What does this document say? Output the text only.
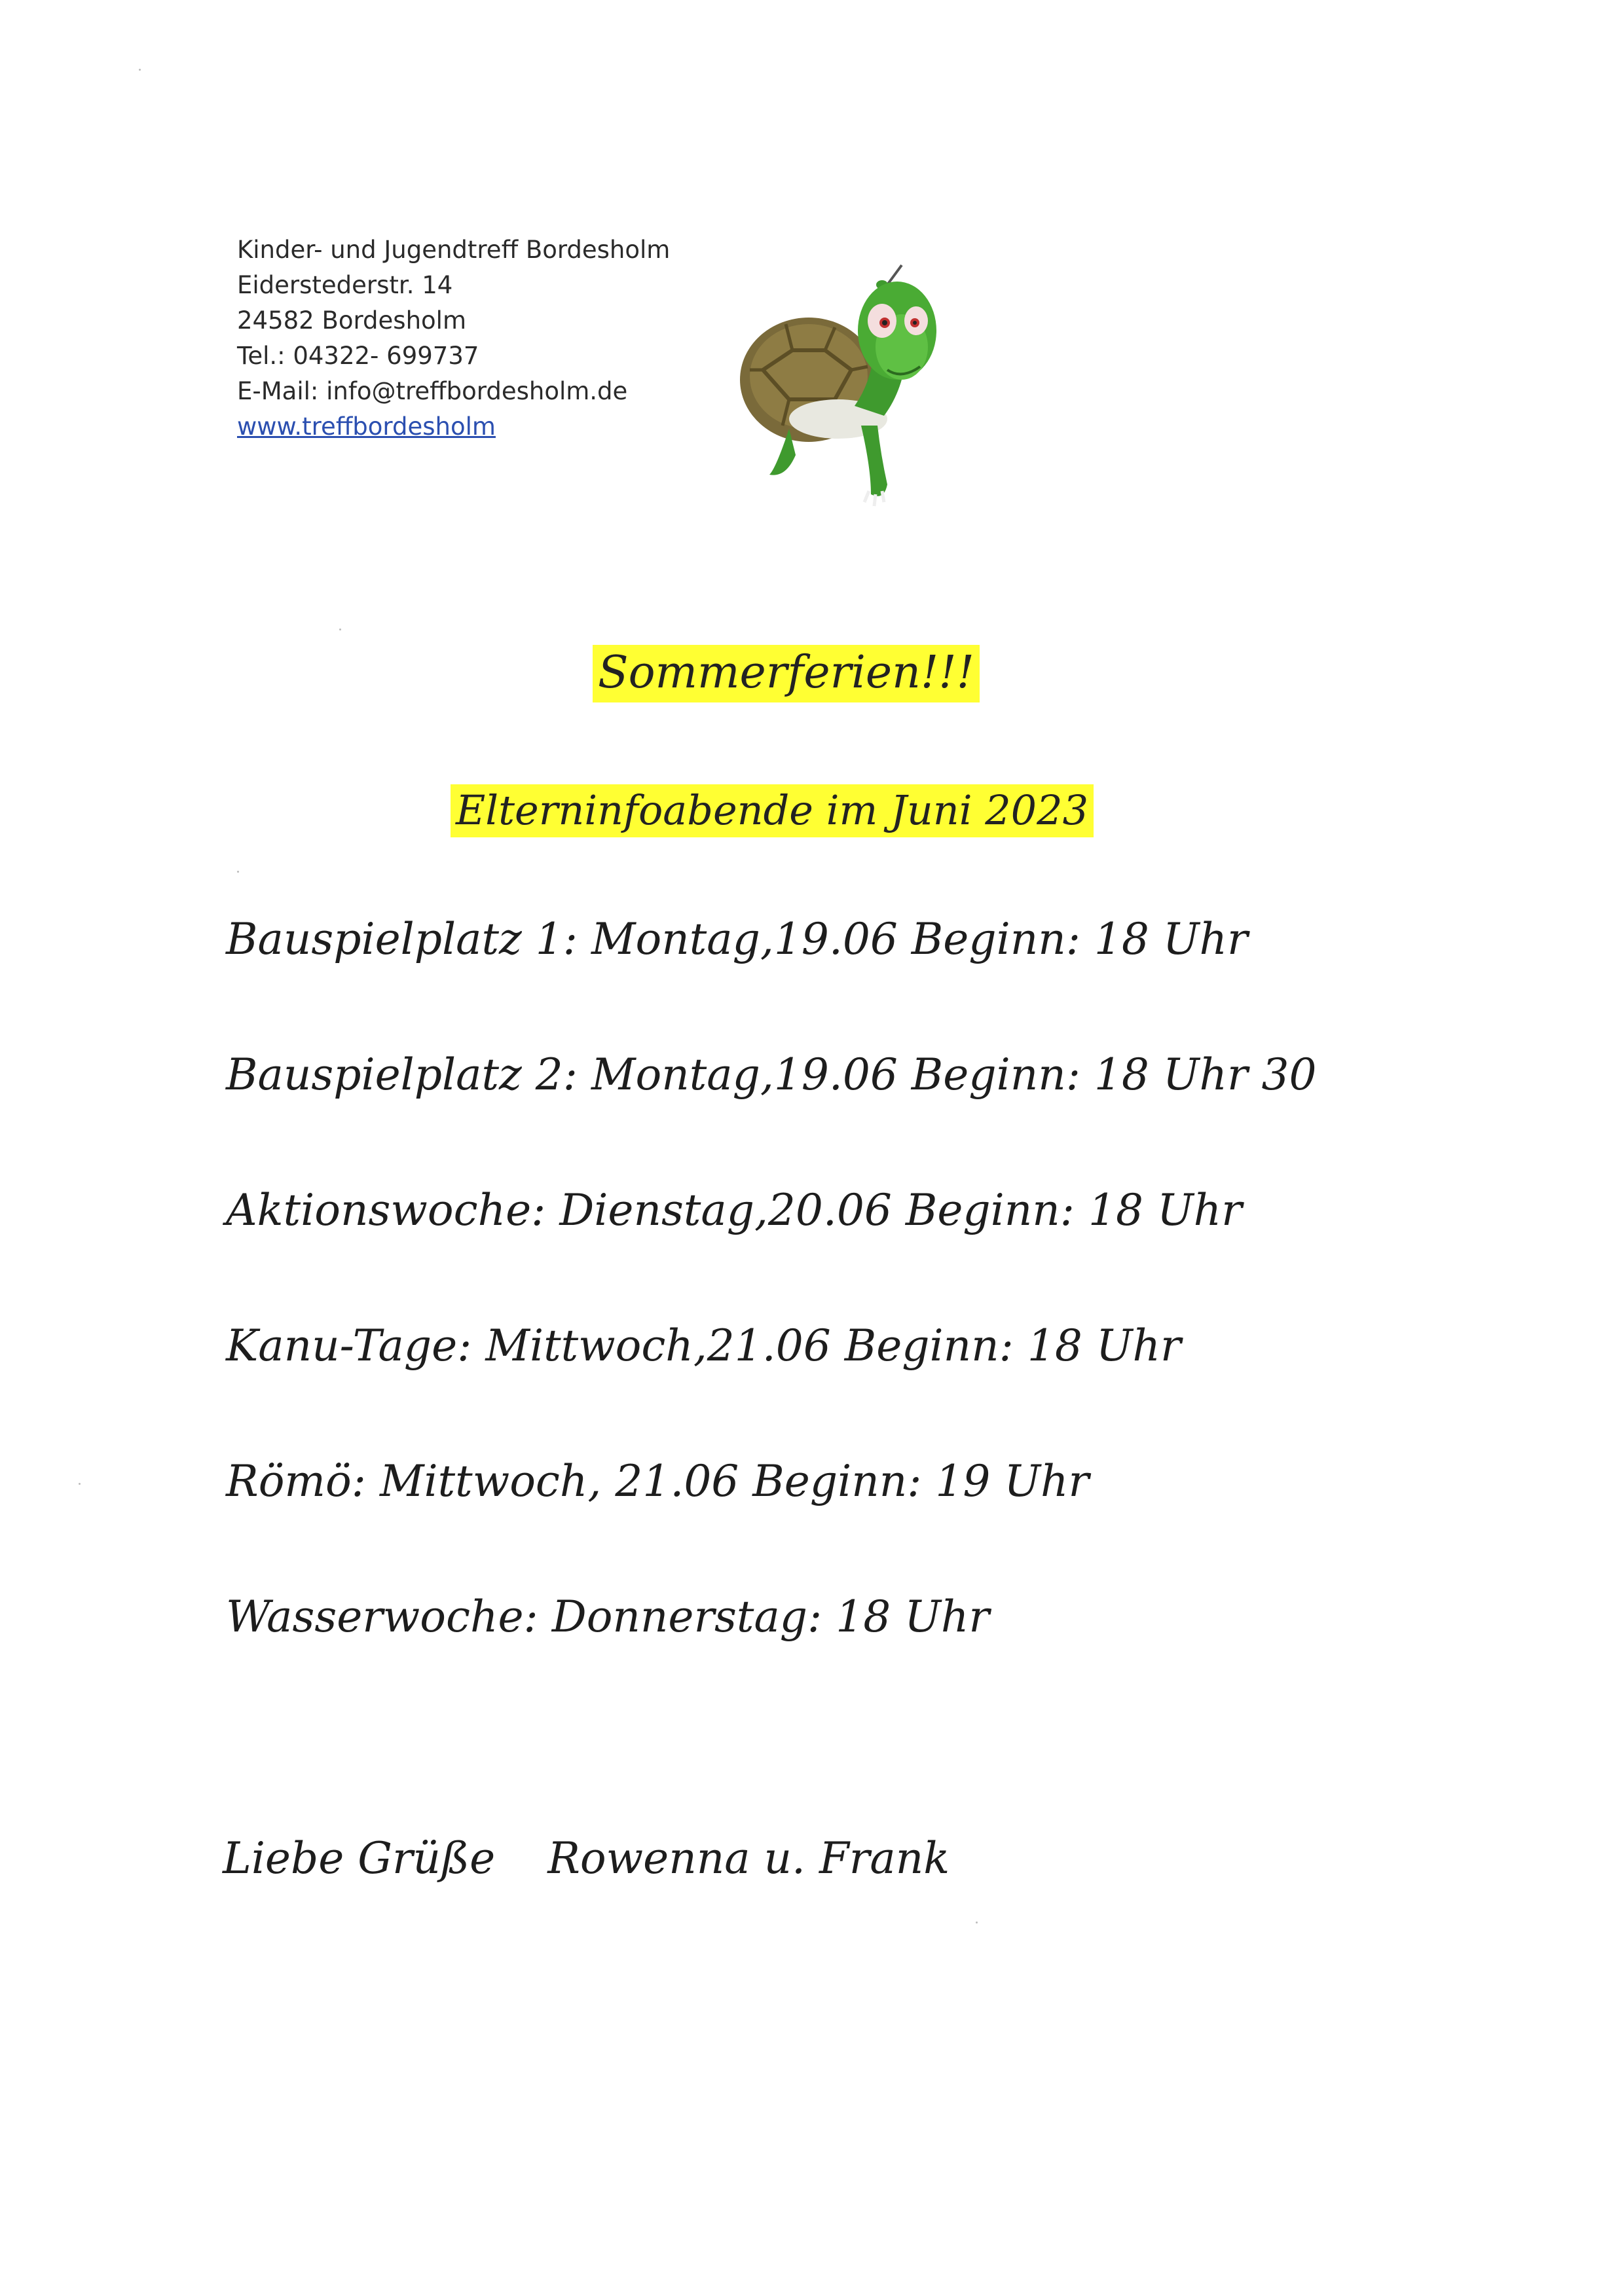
Kinder- und Jugendtreff Bordesholm
Eiderstederstr. 14
24582 Bordesholm
Tel.: 04322- 699737
E-Mail: info@treffbordesholm.de
www.treffbordesholm
Sommerferien!!!
Elterninfoabende im Juni 2023
Bauspielplatz 1: Montag,19.06 Beginn: 18 Uhr
Bauspielplatz 2: Montag,19.06 Beginn: 18 Uhr 30
Aktionswoche: Dienstag,20.06 Beginn: 18 Uhr
Kanu-Tage: Mittwoch,21.06 Beginn: 18 Uhr
Römö: Mittwoch, 21.06 Beginn: 19 Uhr
Wasserwoche: Donnerstag: 18 Uhr
Liebe Grüße Rowenna u. Frank
